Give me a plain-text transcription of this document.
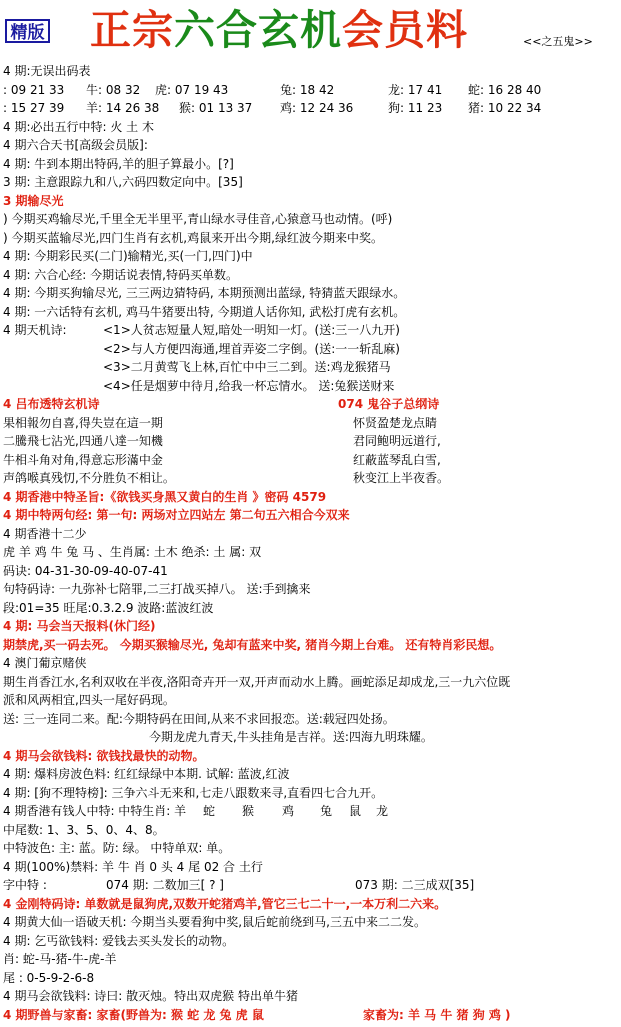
精版 正宗六合玄机会员料	<<之五鬼>>
4 期:无误出码表
: 09 21 33 牛: 08 32 虎: 07 19 43	兔: 18 42	龙: 17 41 蛇: 16 28 40
: 15 27 39 羊: 14 26 38 猴: 01 13 37 鸡: 12 24 36	狗: 11 23 猪: 10 22 34
4 期:必出五行中特: 火 土 木
4 期六合天书[高级会员版]:
4 期: 牛到本期出特码,羊的胆子算最小。[?]
3 期: 主意跟踪九和八,六码四数定向中。[35]
3 期输尽光
) 今期买鸡输尽光,千里全无半里平,青山绿水寻佳音,心猿意马也动情。(呼)
) 今期买蓝输尽光,四门生肖有玄机,鸡鼠来开出今期,绿红波今期来中奖。
4 期: 今期彩民买(二门)输精光,买(一门,四门)中
4 期: 六合心经: 今期话说表情,特码买单数。
4 期: 今期买狗输尽光, 三三两边猜特码, 本期预测出蓝绿, 特猜蓝天跟绿水。
4 期: 一六话特有玄机, 鸡马牛猪要出特, 今期道人话你知, 武松打虎有玄机。
4 期天机诗:	<1>人贫志短量人短,暗处一明知一灯。(送:三一八九开)
<2>与人方便四海通,埋首弄姿二字倒。(送:一一斩乱麻)
<3>二月黄莺飞上林,百忙中中三二到。送:鸡龙猴猪马
<4>任是烟萝中待月,给我一杯忘情水。 送:兔猴送财来
4 吕布透特玄机诗	074 鬼谷子总纲诗
果相報勿自喜,得失豈在這一期	怀贤盈楚龙点睛
二騰飛七沾光,四通八達一知機	君同鲍明远道行,
牛相斗角对角,得意忘形滿中金	红蔽蓝琴乱白雪,
声鸽喉真残忉,不分胜负不相让。	秋变江上半夜香。
4 期香港中特圣旨:《欲钱买身黑又黄白的生肖 》密码 4579
4 期中特两句经: 第一句: 两场对立四站左 第二句五六相合今双来
4 期香港十二少
虎 羊 鸡 牛 兔 马 、生肖属: 土木 绝杀: 土 属: 双
码诀: 04-31-30-09-40-07-41
句特码诗: 一九弥补七陪罪,二三打战买掉八。 送:手到擒来
段:01=35 旺尾:0.3.2.9 波路:蓝波红波
4 期: 马会当天报料(休门经)
期禁虎,买一码去死。 今期买猴输尽光, 兔却有蓝来中奖, 猪肖今期上台难。 还有特肖彩民想。
4 澳门葡京赌侠
期生肖香江水,名利双收在半夜,洛阳奇卉开一双,开声而动水上腾。画蛇添足却成龙,三一九六位既
派和风两相宜,四头一尾好码现。
送: 三一连同二来。配:今期特码在田间,从来不求回报恋。送:载冠四处扬。
今期龙虎九青天,牛头挂角是吉祥。送:四海九明珠耀。
4 期马会欲钱料: 欲钱找最快的动物。
4 期: 爆料房波色料: 红红绿绿中本期. 试解: 蓝波,红波
4 期: [狗不理特榜]: 三争六斗无来和,七走八跟数来寻,直看四七合九开。
4 期香港有钱人中特: 中特生肖: 羊 蛇 猴 鸡 兔 鼠 龙
中尾数: 1、3、5、0、4、8。
中特波色: 主: 蓝。防: 绿。 中特单双: 单。
4 期(100%)禁料: 羊 牛 肖 0 头 4 尾 02 合 土行
字中特 :	074 期: 二数加三[ ? ]	073 期: 二三成双[35]
4 金刚特码诗: 单数就是鼠狗虎,双数开蛇猪鸡羊,管它三七二十一,一本万利二六来。
4 期黄大仙一语破天机: 今期当头要看狗中奖,鼠后蛇前绕到马,三五中来二二发。
4 期: 乞丐欲钱料: 爱钱去买头发长的动物。
肖: 蛇-马-猪-牛-虎-羊
尾 : 0-5-9-2-6-8
4 期马会欲钱料: 诗曰: 散灭烛。特出双虎猴 特出单牛猪
4 期野兽与家畜: 家畜(野兽为: 猴 蛇 龙 兔 虎 鼠	家畜为: 羊 马 牛 猪 狗 鸡 )
